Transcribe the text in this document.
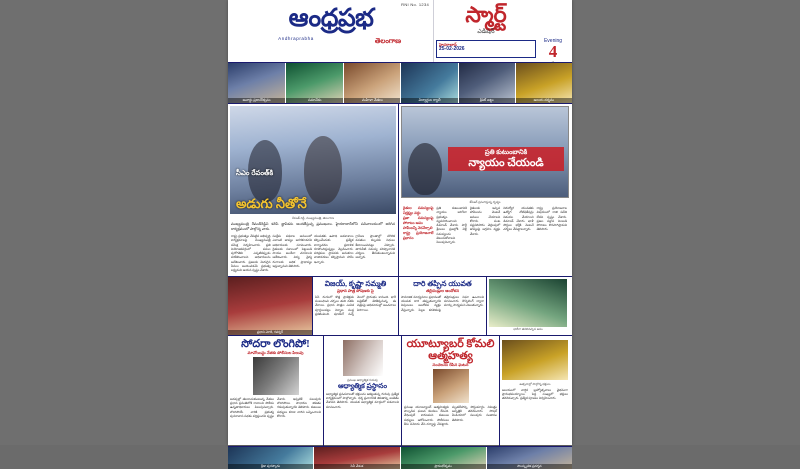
RNI No. 1234
ఆంధ్రప్రభ
Andhraprabha	తెలంగాణ
స్మార్ట్
ఎడిషన్
హైదరాబాద్
25-02-2026
Evening
4
అవార్డు ప్రదానోత్సవం	సమావేశం	మహిళా నేతలు	విద్యార్థుల ర్యాలీ	క్రికెట్ జట్టు	ఆలయ దర్శనం
సీఎం రేవంత్‌కి
అడుగు నీతోనే
రేవంత్ రెడ్డి, ముఖ్యమంత్రి, తెలంగాణ
ముఖ్యమంత్రి రేవంత్‌రెడ్డిని కలిసి జ్ఞాపికను అందజేస్తున్న ప్రముఖులు. హైదరాబాద్‌లోని సచివాలయంలో జరిగిన కార్యక్రమంలో పాల్గొన్న వారు.
రాష్ట్ర ప్రభుత్వం చేపట్టిన అభివృద్ధి కార్యక్రమాలపై ముఖ్యమంత్రి సమీక్ష నిర్వహించారు. ప్రతి నియోజకవర్గంలో పనుల పురోగతిని ఎప్పటికప్పుడు పరిశీలించాలని అధికారులను ఆదేశించారు. ప్రజలకు మెరుగైన సేవలు అందించడమే ప్రభుత్వ లక్ష్యమని ఆయన స్పష్టం చేశారు.
సంక్షేమ పథకాల అమలులో ఎలాంటి జాప్యం జరగకూడదని అధికారులకు సూచించారు. రైతులకు సకాలంలో పెట్టుబడి సాయం అందేలా చూడాలని ఆదేశించారు. విద్య, వైద్య రంగాలకు అధిక ప్రాధాన్యం ఇస్తున్నామని తెలిపారు.
యువతకు ఉపాధి అవకాశాలు కల్పించేందుకు ప్రత్యేక కార్యాచరణ ప్రణాళిక రూపొందిస్తున్నట్లు వెల్లడించారు. పరిశ్రమల స్థాపనకు అనుకూల వాతావరణం కల్పిస్తామని హామీ ఇచ్చారు.
గ్రామీణ ప్రాంతాల్లో మౌలిక వసతుల కల్పనకు నిధులు కేటాయించినట్లు చెప్పారు. తాగునీటి సమస్య పరిష్కారానికి చర్యలు తీసుకుంటున్నామని అన్నారు.
ప్రతి కుటుంబానికి
న్యాయం చేయండి
కేసీఆర్ ప్రసంగిస్తున్న దృశ్యం
రైతుల సమస్యలపై నిర్లక్ష్యం వద్దు
ప్రజా సమస్యలపై పోరాటం ఆపం
హామీలన్నీ నెరవేర్చాలి
రాష్ట్ర ప్రయోజనాలే ప్రధానం
ప్రతి కుటుంబానికి న్యాయం జరిగేలా ప్రభుత్వం వ్యవహరించాలని డిమాండ్ చేశారు. పార్టీ శ్రేణులు ప్రజల్లోకి వెళ్లి సమస్యలను తెలుసుకోవాలని పిలుపునిచ్చారు.
రైతులకు ఇచ్చిన హామీలను వెంటనే అమలు చేయాలని కోరారు. పంట నష్టపరిహారం చెల్లింపులో జాప్యంపై ఆగ్రహం వ్యక్తం చేశారు.
నిరుద్యోగ యువతకు ఉద్యోగ నోటిఫికేషన్లు విడుదల చేయాలని డిమాండ్ చేశారు. ఖాళీ పోస్టుల భర్తీకి వెంటనే చర్యలు చేపట్టాలన్నారు.
రాష్ట్ర ప్రయోజనాల విషయంలో రాజీ పడేది లేదని స్పష్టం చేశారు. ప్రజల పక్షాన నిలబడి పోరాటం కొనసాగిస్తామని తెలిపారు.
ప్రధాని మోదీ, గవర్నర్
విజయ్, కృష్ణా సమ్మతి
ప్రధాన పాత్ర పోషణకు సై
సినీ రంగంలో కొత్త ప్రాజెక్టుకు సంబంధించి చర్చలు తుది దశకు చేరాయి. ప్రధాన పాత్రల ఎంపిక పూర్తయినట్లు నిర్మాణ సంస్థ ప్రకటించింది. షూటింగ్ వచ్చే నెలలో ప్రారంభం కానుంది. భారీ బడ్జెట్‌తో తెరకెక్కనున్న ఈ చిత్రంపై అభిమానుల్లో అంచనాలు పెరిగాయి.
దారి తప్పిన యువత
తల్లిదండ్రుల ఆందోళన
సామాజిక మాధ్యమాల ప్రభావంతో యువత దారి తప్పుతున్నారని నిపుణులు ఆందోళన వ్యక్తం చేస్తున్నారు. పిల్లల కదలికలపై తల్లిదండ్రులు నిఘా ఉంచాలని సూచించారు. కౌన్సెలింగ్ ద్వారా మార్పు సాధ్యమని చెబుతున్నారు.
భారీగా తరలివచ్చిన జనం
సోదరా లొంగిపో!
మావోయిస్టు నేతకు పోలీసుల పిలుపు
అడవుల్లో తలదాచుకుంటున్న నేతలు ప్రధాన స్రవంతిలోకి రావాలని పోలీసు ఉన్నతాధికారులు పిలుపునిచ్చారు. లొంగిపోయే వారికి ప్రభుత్వ పునరావాస పథకం వర్తిస్తుందని స్పష్టం చేశారు. ఇప్పటికే పలువురు లొంగిపోయి సాధారణ జీవితం గడుపుతున్నారని తెలిపారు. కుటుంబ సభ్యులు కూడా వారిని ఒప్పించాలని కోరారు.
ప్రముఖ ఆధ్యాత్మిక గురువు
ఆధ్యాత్మిక ప్రస్థానం
ఆధ్యాత్మిక ప్రవచనాలతో భక్తులను ఆకట్టుకున్న గురువు ప్రత్యేక కార్యక్రమంలో పాల్గొన్నారు. ధర్మ ప్రచారానికి జీవితాన్ని అంకితం చేశానని తెలిపారు. యువత ఆధ్యాత్మిక మార్గంలో నడవాలని సూచించారు.
యూట్యూబర్ కోమలి ఆత్మహత్య
సంచలనం రేపిన ఘటన
ప్రముఖ యూట్యూబర్ ఆత్మహత్యకు పాల్పడిన ఘటన కలకలం రేపింది. వేధింపులే కారణమని కుటుంబ సభ్యులు ఆరోపించారు. పోలీసులు కేసు నమోదు చేసి దర్యాప్తు చేపట్టారు. మృతదేహాన్ని పోస్టుమార్టం నిమిత్తం ఆస్పత్రికి తరలించారు. సోషల్ మీడియాలో పలువురు సంతాపం తెలిపారు.
ఉత్సవాల్లో పాల్గొన్న భక్తులు
ఆలయంలో వార్షిక బ్రహ్మోత్సవాలు వైభవంగా ప్రారంభమయ్యాయి. పెద్ద సంఖ్యలో భక్తులు తరలివచ్చారు. ప్రత్యేక పూజలు నిర్వహించారు.
క్రీడా పురస్కారం	సినీ వేడుక	ప్రారంభోత్సవం	సాంస్కృతిక ప్రదర్శన
